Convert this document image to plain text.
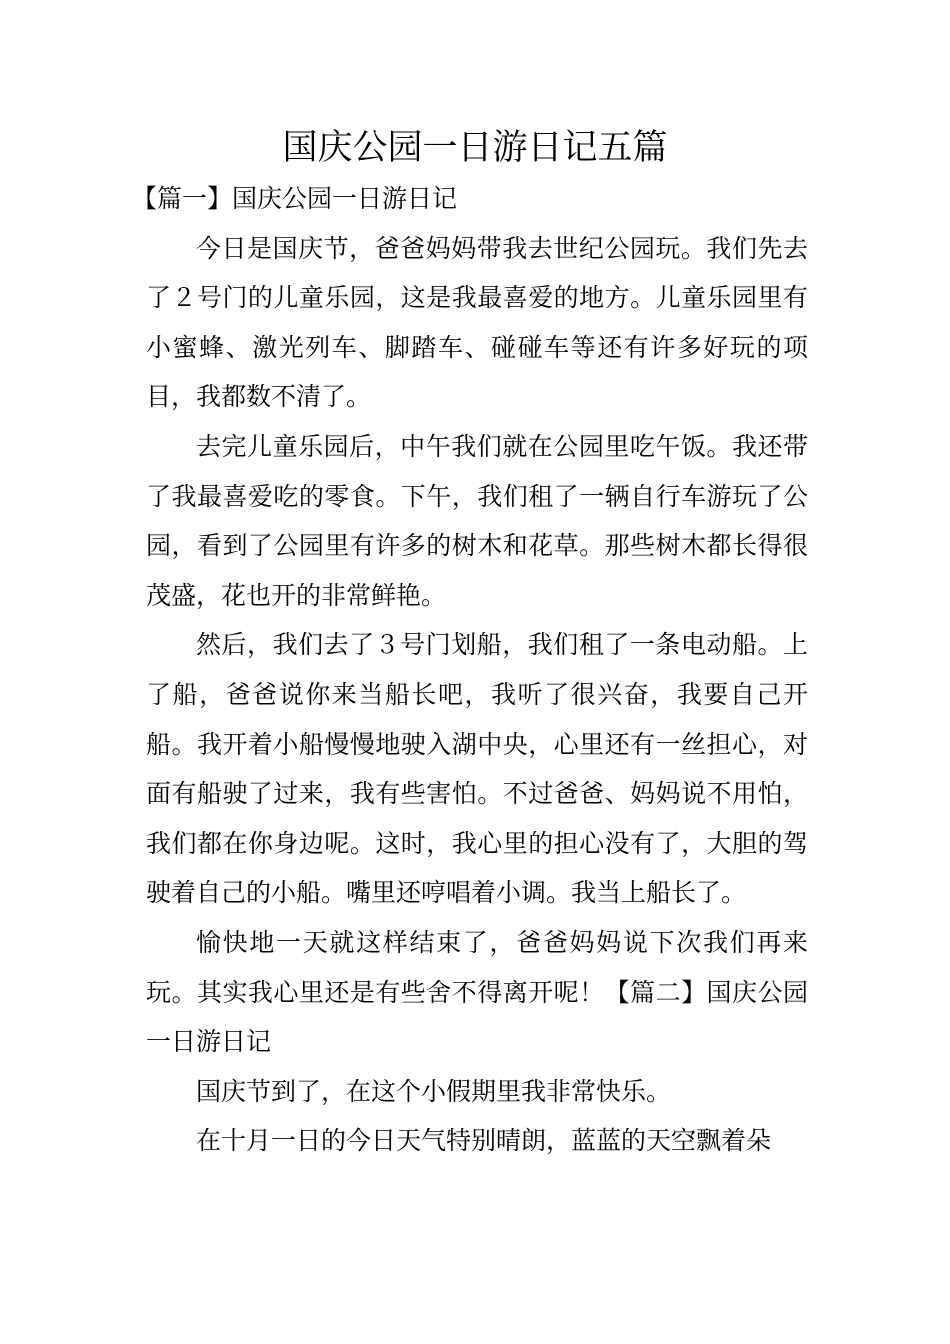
国庆公园一日游日记五篇

【篇一】国庆公园一日游日记

今日是国庆节，爸爸妈妈带我去世纪公园玩。我们先去了２号门的儿童乐园，这是我最喜爱的地方。儿童乐园里有小蜜蜂、激光列车、脚踏车、碰碰车等还有许多好玩的项目，我都数不清了。

去完儿童乐园后，中午我们就在公园里吃午饭。我还带了我最喜爱吃的零食。下午，我们租了一辆自行车游玩了公园，看到了公园里有许多的树木和花草。那些树木都长得很茂盛，花也开的非常鲜艳。

然后，我们去了３号门划船，我们租了一条电动船。上了船，爸爸说你来当船长吧，我听了很兴奋，我要自己开船。我开着小船慢慢地驶入湖中央，心里还有一丝担心，对面有船驶了过来，我有些害怕。不过爸爸、妈妈说不用怕，我们都在你身边呢。这时，我心里的担心没有了，大胆的驾驶着自己的小船。嘴里还哼唱着小调。我当上船长了。

愉快地一天就这样结束了，爸爸妈妈说下次我们再来玩。其实我心里还是有些舍不得离开呢！【篇二】国庆公园一日游日记

国庆节到了，在这个小假期里我非常快乐。

在十月一日的今日天气特别晴朗，蓝蓝的天空飘着朵
